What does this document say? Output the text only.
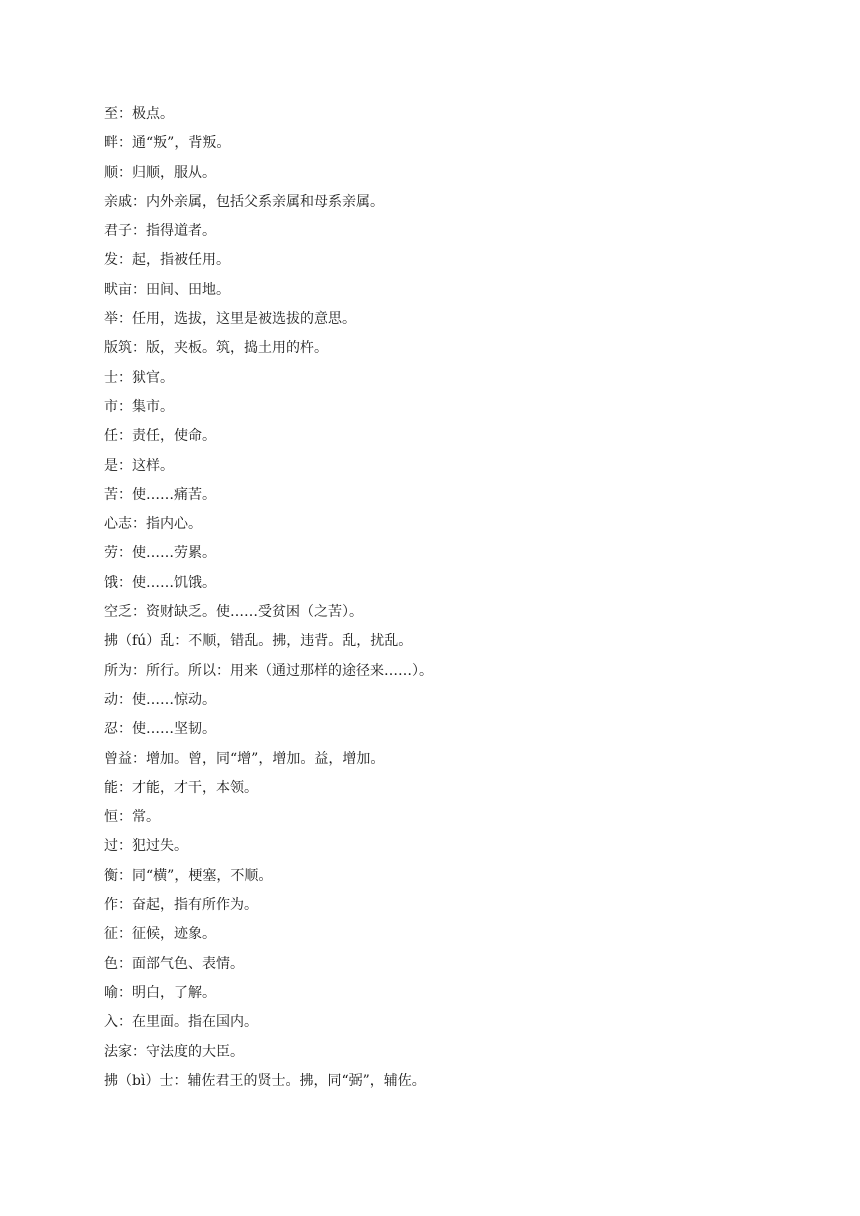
至：极点。
畔：通“叛”，背叛。
顺：归顺，服从。
亲戚：内外亲属，包括父系亲属和母系亲属。
君子：指得道者。
发：起，指被任用。
畎亩：田间、田地。
举：任用，选拔，这里是被选拔的意思。
版筑：版，夹板。筑，捣土用的杵。
士：狱官。
市：集市。
任：责任，使命。
是：这样。
苦：使……痛苦。
心志：指内心。
劳：使……劳累。
饿：使……饥饿。
空乏：资财缺乏。使……受贫困（之苦）。
拂（fú）乱：不顺，错乱。拂，违背。乱，扰乱。
所为：所行。所以：用来（通过那样的途径来……）。
动：使……惊动。
忍：使……坚韧。
曾益：增加。曾，同“增”，增加。益，增加。
能：才能，才干，本领。
恒：常。
过：犯过失。
衡：同“横”，梗塞，不顺。
作：奋起，指有所作为。
征：征候，迹象。
色：面部气色、表情。
喻：明白，了解。
入：在里面。指在国内。
法家：守法度的大臣。
拂（bì）士：辅佐君王的贤士。拂，同“弼”，辅佐。
